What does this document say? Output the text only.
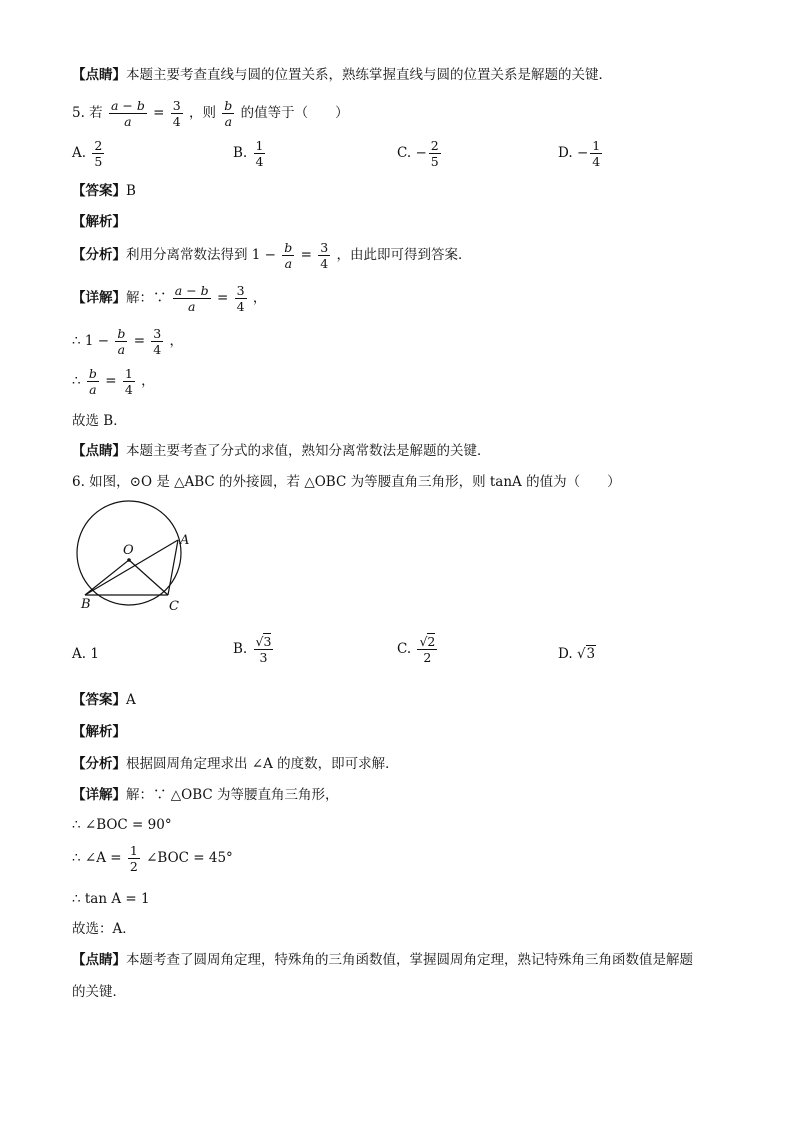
【点睛】本题主要考查直线与圆的位置关系，熟练掌握直线与圆的位置关系是解题的关键．
5. 若 $\frac{a - b}{a} = \frac{3}{4}$ ，则 $\frac{b}{a}$ 的值等于（　　）
A. $\frac{2}{5}$	B. $\frac{1}{4}$	C. − $\frac{2}{5}$	D. − $\frac{1}{4}$
【答案】B
【解析】
【分析】利用分离常数法得到 $1 - \frac{b}{a} = \frac{3}{4}$ ，由此即可得到答案．
【详解】解：∵ $\frac{a - b}{a} = \frac{3}{4}$ ，
∴ $1 - \frac{b}{a} = \frac{3}{4}$ ，
∴ $\frac{b}{a} = \frac{1}{4}$ ，
故选 B．
【点睛】本题主要考查了分式的求值，熟知分离常数法是解题的关键．
6. 如图，⊙O 是 △ABC 的外接圆，若 △OBC 为等腰直角三角形，则 tanA 的值为（　　）
O
A
B	C
A. 1	B. $\frac{√3}{3}$	C. $\frac{√2}{2}$	D. √3
【答案】A
【解析】
【分析】根据圆周角定理求出 ∠A 的度数，即可求解．
【详解】解：∵ △OBC 为等腰直角三角形，
∴ ∠BOC = 90°
∴ ∠A = $\frac{1}{2}$ ∠BOC = 45°
∴ tan A = 1
故选：A．
【点睛】本题考查了圆周角定理，特殊角的三角函数值，掌握圆周角定理，熟记特殊角三角函数值是解题
的关键．
